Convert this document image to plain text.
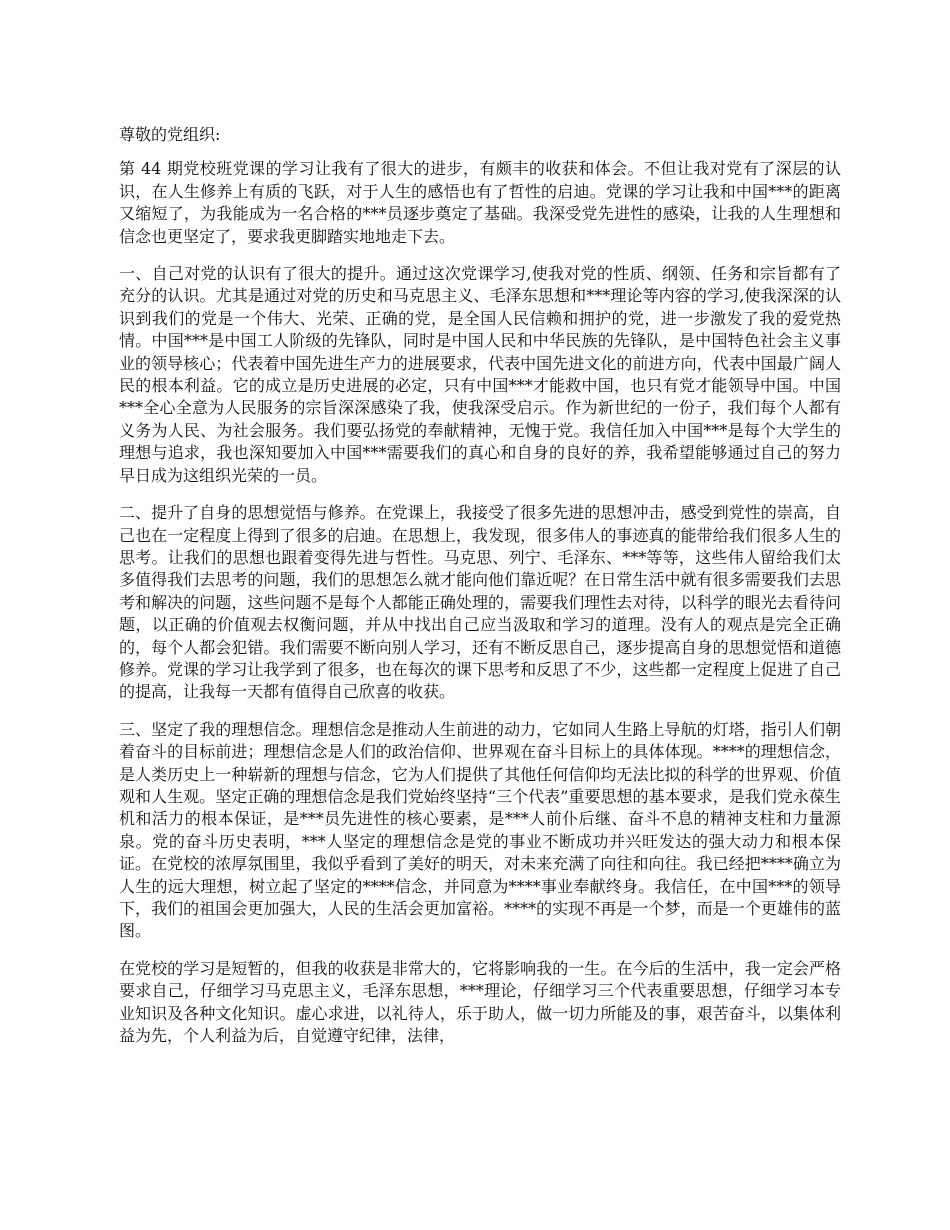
尊敬的党组织:

第 44 期党校班党课的学习让我有了很大的进步，有颇丰的收获和体会。不但让我对党有了深层的认识，在人生修养上有质的飞跃，对于人生的感悟也有了哲性的启迪。党课的学习让我和中国***的距离又缩短了，为我能成为一名合格的***员逐步奠定了基础。我深受党先进性的感染，让我的人生理想和信念也更坚定了，要求我更脚踏实地地走下去。

一、自己对党的认识有了很大的提升。通过这次党课学习,使我对党的性质、纲领、任务和宗旨都有了充分的认识。尤其是通过对党的历史和马克思主义、毛泽东思想和***理论等内容的学习,使我深深的认识到我们的党是一个伟大、光荣、正确的党，是全国人民信赖和拥护的党，进一步激发了我的爱党热情。中国***是中国工人阶级的先锋队，同时是中国人民和中华民族的先锋队，是中国特色社会主义事业的领导核心；代表着中国先进生产力的进展要求，代表中国先进文化的前进方向，代表中国最广阔人民的根本利益。它的成立是历史进展的必定，只有中国***才能救中国，也只有党才能领导中国。中国***全心全意为人民服务的宗旨深深感染了我，使我深受启示。作为新世纪的一份子，我们每个人都有义务为人民、为社会服务。我们要弘扬党的奉献精神，无愧于党。我信任加入中国***是每个大学生的理想与追求，我也深知要加入中国***需要我们的真心和自身的良好的养，我希望能够通过自己的努力早日成为这组织光荣的一员。

二、提升了自身的思想觉悟与修养。在党课上，我接受了很多先进的思想冲击，感受到党性的崇高，自己也在一定程度上得到了很多的启迪。在思想上，我发现，很多伟人的事迹真的能带给我们很多人生的思考。让我们的思想也跟着变得先进与哲性。马克思、列宁、毛泽东、***等等，这些伟人留给我们太多值得我们去思考的问题，我们的思想怎么就才能向他们靠近呢？在日常生活中就有很多需要我们去思考和解决的问题，这些问题不是每个人都能正确处理的，需要我们理性去对待，以科学的眼光去看待问题，以正确的价值观去权衡问题，并从中找出自己应当汲取和学习的道理。没有人的观点是完全正确的，每个人都会犯错。我们需要不断向别人学习，还有不断反思自己，逐步提高自身的思想觉悟和道德修养。党课的学习让我学到了很多，也在每次的课下思考和反思了不少，这些都一定程度上促进了自己的提高，让我每一天都有值得自己欣喜的收获。

三、坚定了我的理想信念。理想信念是推动人生前进的动力，它如同人生路上导航的灯塔，指引人们朝着奋斗的目标前进；理想信念是人们的政治信仰、世界观在奋斗目标上的具体体现。****的理想信念，是人类历史上一种崭新的理想与信念，它为人们提供了其他任何信仰均无法比拟的科学的世界观、价值观和人生观。坚定正确的理想信念是我们党始终坚持“三个代表”重要思想的基本要求，是我们党永葆生机和活力的根本保证，是***员先进性的核心要素，是***人前仆后继、奋斗不息的精神支柱和力量源泉。党的奋斗历史表明，***人坚定的理想信念是党的事业不断成功并兴旺发达的强大动力和根本保证。在党校的浓厚氛围里，我似乎看到了美好的明天，对未来充满了向往和向往。我已经把****确立为人生的远大理想，树立起了坚定的****信念，并同意为****事业奉献终身。我信任，在中国***的领导下，我们的祖国会更加强大，人民的生活会更加富裕。****的实现不再是一个梦，而是一个更雄伟的蓝图。

在党校的学习是短暂的，但我的收获是非常大的，它将影响我的一生。在今后的生活中，我一定会严格要求自己，仔细学习马克思主义，毛泽东思想，***理论，仔细学习三个代表重要思想，仔细学习本专业知识及各种文化知识。虚心求进，以礼待人，乐于助人，做一切力所能及的事，艰苦奋斗，以集体利益为先，个人利益为后，自觉遵守纪律，法律，
